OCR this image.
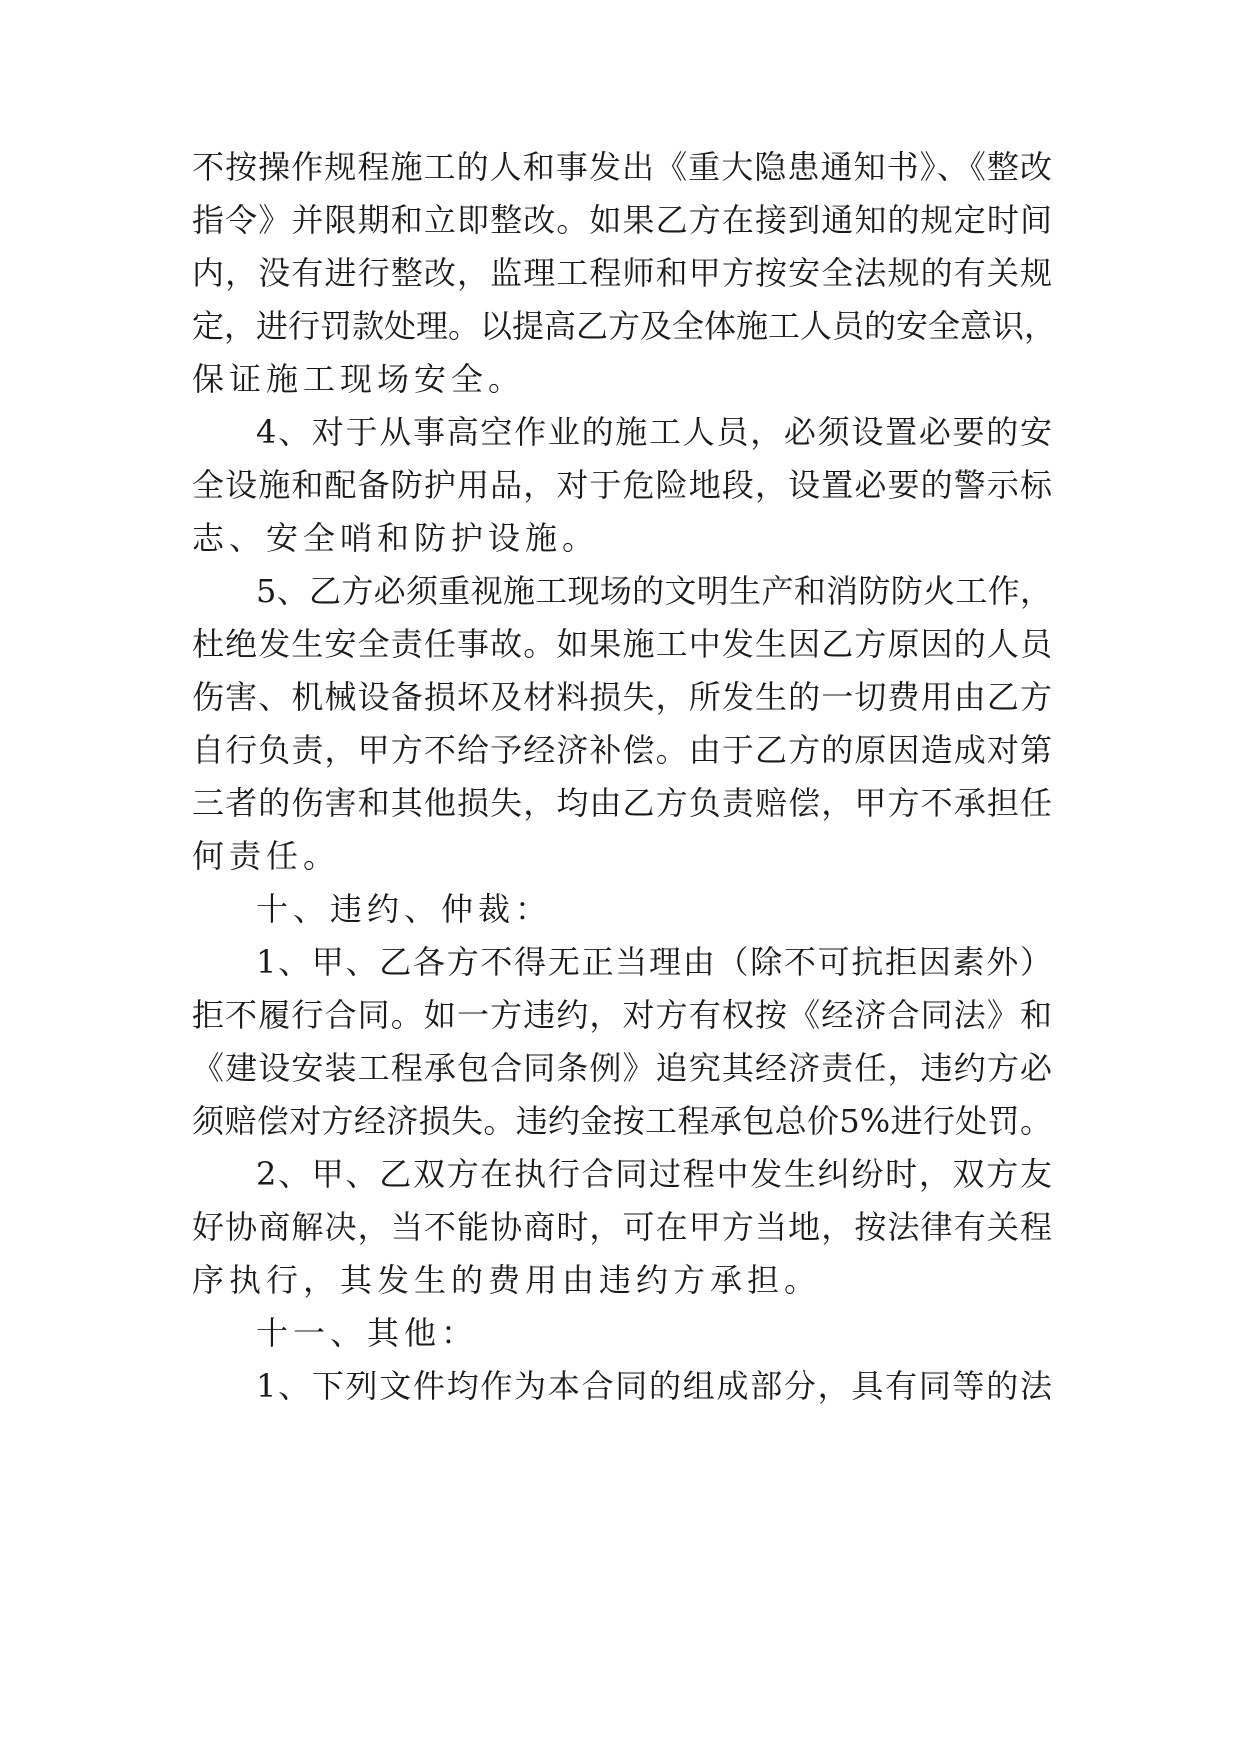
不按操作规程施工的人和事发出《重大隐患通知书》、《整改
指令》并限期和立即整改。如果乙方在接到通知的规定时间
内，没有进行整改，监理工程师和甲方按安全法规的有关规
定，进行罚款处理。以提高乙方及全体施工人员的安全意识，
保证施工现场安全。
4、对于从事高空作业的施工人员，必须设置必要的安
全设施和配备防护用品，对于危险地段，设置必要的警示标
志、安全哨和防护设施。
5、乙方必须重视施工现场的文明生产和消防防火工作，
杜绝发生安全责任事故。如果施工中发生因乙方原因的人员
伤害、机械设备损坏及材料损失，所发生的一切费用由乙方
自行负责，甲方不给予经济补偿。由于乙方的原因造成对第
三者的伤害和其他损失，均由乙方负责赔偿，甲方不承担任
何责任。
十、违约、仲裁：
1、甲、乙各方不得无正当理由（除不可抗拒因素外）
拒不履行合同。如一方违约，对方有权按《经济合同法》和
《建设安装工程承包合同条例》追究其经济责任，违约方必
须赔偿对方经济损失。违约金按工程承包总价5%进行处罚。
2、甲、乙双方在执行合同过程中发生纠纷时，双方友
好协商解决，当不能协商时，可在甲方当地，按法律有关程
序执行，其发生的费用由违约方承担。
十一、其他：
1、下列文件均作为本合同的组成部分，具有同等的法
